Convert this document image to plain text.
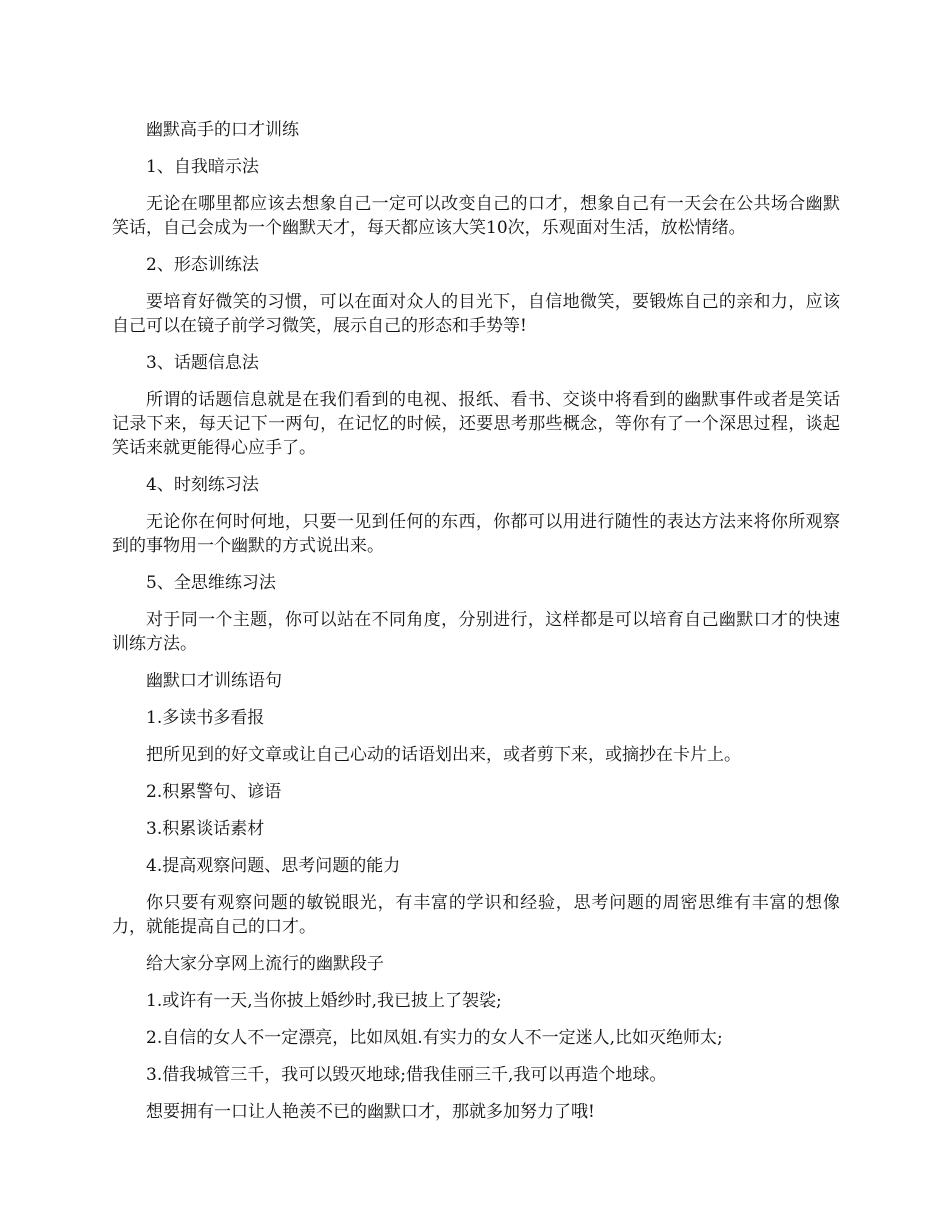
幽默高手的口才训练

1、自我暗示法

无论在哪里都应该去想象自己一定可以改变自己的口才，想象自己有一天会在公共场合幽默笑话，自己会成为一个幽默天才，每天都应该大笑10次，乐观面对生活，放松情绪。

2、形态训练法

要培育好微笑的习惯，可以在面对众人的目光下，自信地微笑，要锻炼自己的亲和力，应该自己可以在镜子前学习微笑，展示自己的形态和手势等!

3、话题信息法

所谓的话题信息就是在我们看到的电视、报纸、看书、交谈中将看到的幽默事件或者是笑话记录下来，每天记下一两句，在记忆的时候，还要思考那些概念，等你有了一个深思过程，谈起笑话来就更能得心应手了。

4、时刻练习法

无论你在何时何地，只要一见到任何的东西，你都可以用进行随性的表达方法来将你所观察到的事物用一个幽默的方式说出来。

5、全思维练习法

对于同一个主题，你可以站在不同角度，分别进行，这样都是可以培育自己幽默口才的快速训练方法。

幽默口才训练语句

1.多读书多看报

把所见到的好文章或让自己心动的话语划出来，或者剪下来，或摘抄在卡片上。

2.积累警句、谚语

3.积累谈话素材

4.提高观察问题、思考问题的能力

你只要有观察问题的敏锐眼光，有丰富的学识和经验，思考问题的周密思维有丰富的想像力，就能提高自己的口才。

给大家分享网上流行的幽默段子

1.或许有一天,当你披上婚纱时,我已披上了袈裟;

2.自信的女人不一定漂亮，比如凤姐.有实力的女人不一定迷人,比如灭绝师太;

3.借我城管三千，我可以毁灭地球;借我佳丽三千,我可以再造个地球。

想要拥有一口让人艳羡不已的幽默口才，那就多加努力了哦!
